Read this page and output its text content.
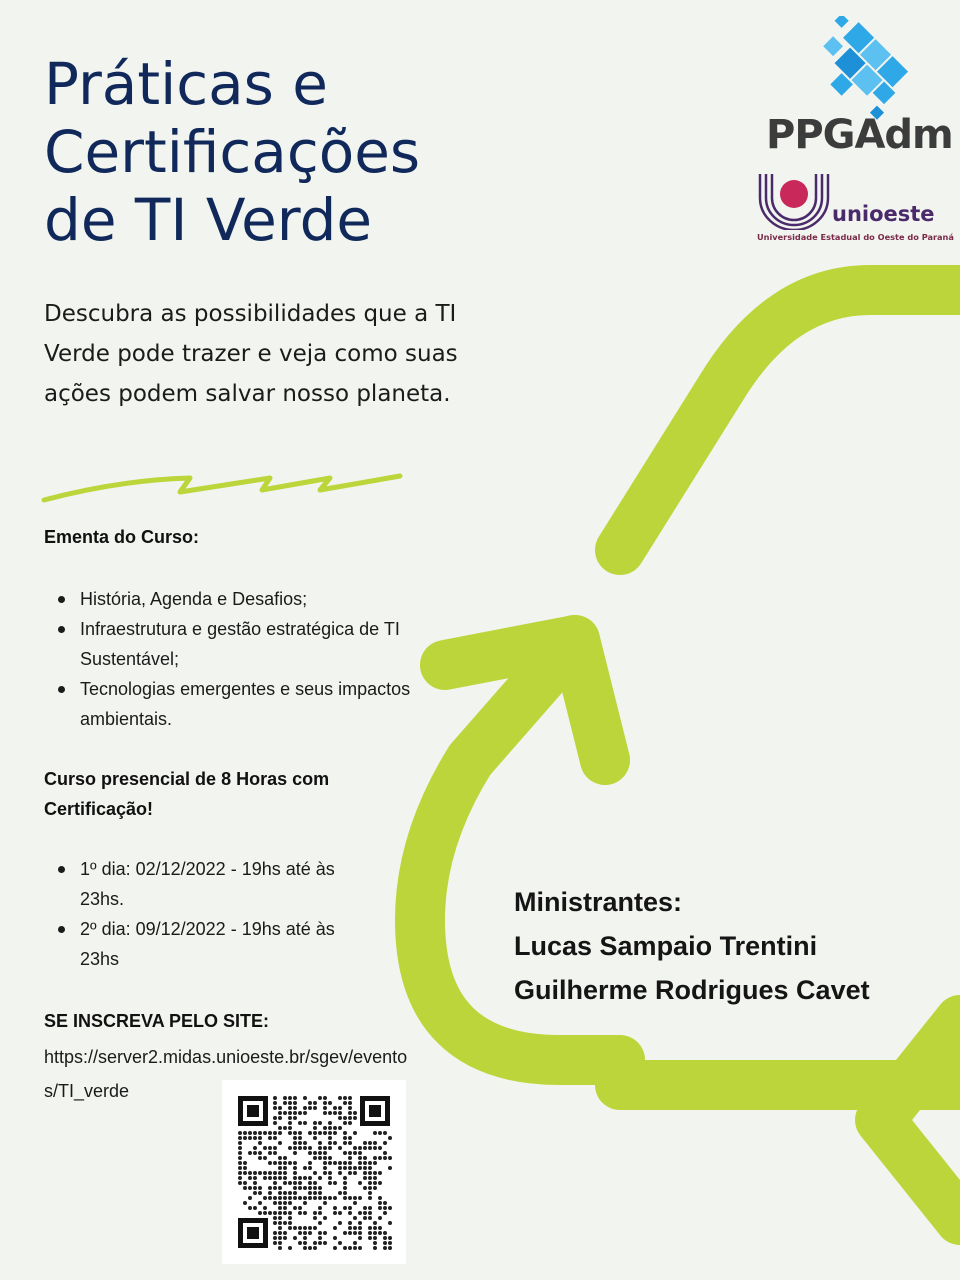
Práticas e Certificações de TI Verde

Descubra as possibilidades que a TI Verde pode trazer e veja como suas ações podem salvar nosso planeta.

Ementa do Curso:
História, Agenda e Desafios;
Infraestrutura e gestão estratégica de TI Sustentável;
Tecnologias emergentes e seus impactos ambientais.
Curso presencial de 8 Horas com Certificação!
1º dia: 02/12/2022 - 19hs até às 23hs.
2º dia: 09/12/2022 - 19hs até às 23hs
SE INSCREVA PELO SITE:
https://server2.midas.unioeste.br/sgev/eventos/TI_verde
Ministrantes:
Lucas Sampaio Trentini
Guilherme Rodrigues Cavet
PPGAdm
unioeste
Universidade Estadual do Oeste do Paraná
